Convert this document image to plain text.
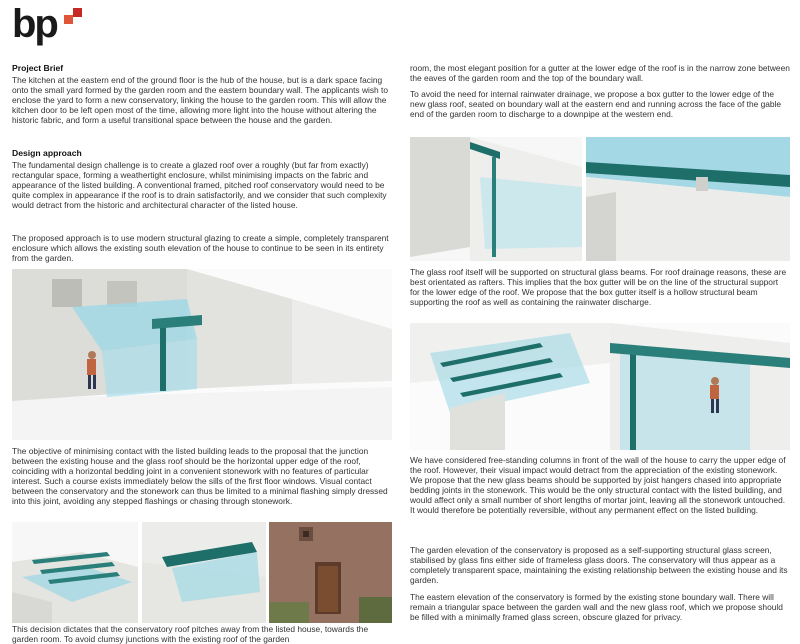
bp
Project Brief
The kitchen at the eastern end of the ground floor is the hub of the house, but is a dark space facing onto the small yard formed by the garden room and the eastern boundary wall. The applicants wish to enclose the yard to form a new conservatory, linking the house to the garden room. This will allow the kitchen door to be left open most of the time, allowing more light into the house without altering the historic fabric, and form a useful transitional space between the house and the garden.
Design approach
The fundamental design challenge is to create a glazed roof over a roughly (but far from exactly) rectangular space, forming a weathertight enclosure, whilst minimising impacts on the fabric and appearance of the listed building. A conventional framed, pitched roof conservatory would need to be quite complex in appearance if the roof is to drain satisfactorily, and we consider that such complexity would detract from the historic and architectural character of the listed house.
The proposed approach is to use modern structural glazing to create a simple, completely transparent enclosure which allows the existing south elevation of the house to continue to be seen in its entirety from the garden.
The objective of minimising contact with the listed building leads to the proposal that the junction between the existing house and the glass roof should be the horizontal upper edge of the roof, coinciding with a horizontal bedding joint in a convenient stonework with no features of particular interest. Such a course exists immediately below the sills of the first floor windows. Visual contact between the conservatory and the stonework can thus be limited to a minimal flashing simply dressed into this joint, avoiding any stepped flashings or chasing through stonework.
This decision dictates that the conservatory roof pitches away from the listed house, towards the garden room. To avoid clumsy junctions with the existing roof of the garden
room, the most elegant position for a gutter at the lower edge of the roof is in the narrow zone between the eaves of the garden room and the top of the boundary wall.
To avoid the need for internal rainwater drainage, we propose a box gutter to the lower edge of the new glass roof, seated on boundary wall at the eastern end and running across the face of the gable end of the garden room to discharge to a downpipe at the western end.
The glass roof itself will be supported on structural glass beams. For roof drainage reasons, these are best orientated as rafters. This implies that the box gutter will be on the line of the structural support for the lower edge of the roof. We propose that the box gutter itself is a hollow structural beam supporting the roof as well as containing the rainwater discharge.
We have considered free-standing columns in front of the wall of the house to carry the upper edge of the roof. However, their visual impact would detract from the appreciation of the existing stonework. We propose that the new glass beams should be supported by joist hangers chased into appropriate bedding joints in the stonework. This would be the only structural contact with the listed building, and would affect only a small number of short lengths of mortar joint, leaving all the stonework untouched. It would therefore be potentially reversible, without any permanent effect on the listed building.
The garden elevation of the conservatory is proposed as a self-supporting structural glass screen, stabilised by glass fins either side of frameless glass doors. The conservatory will thus appear as a completely transparent space, maintaining the existing relationship between the existing house and its garden.
The eastern elevation of the conservatory is formed by the existing stone boundary wall. There will remain a triangular space between the garden wall and the new glass roof, which we propose should be filled with a minimally framed glass screen, obscure glazed for privacy.
